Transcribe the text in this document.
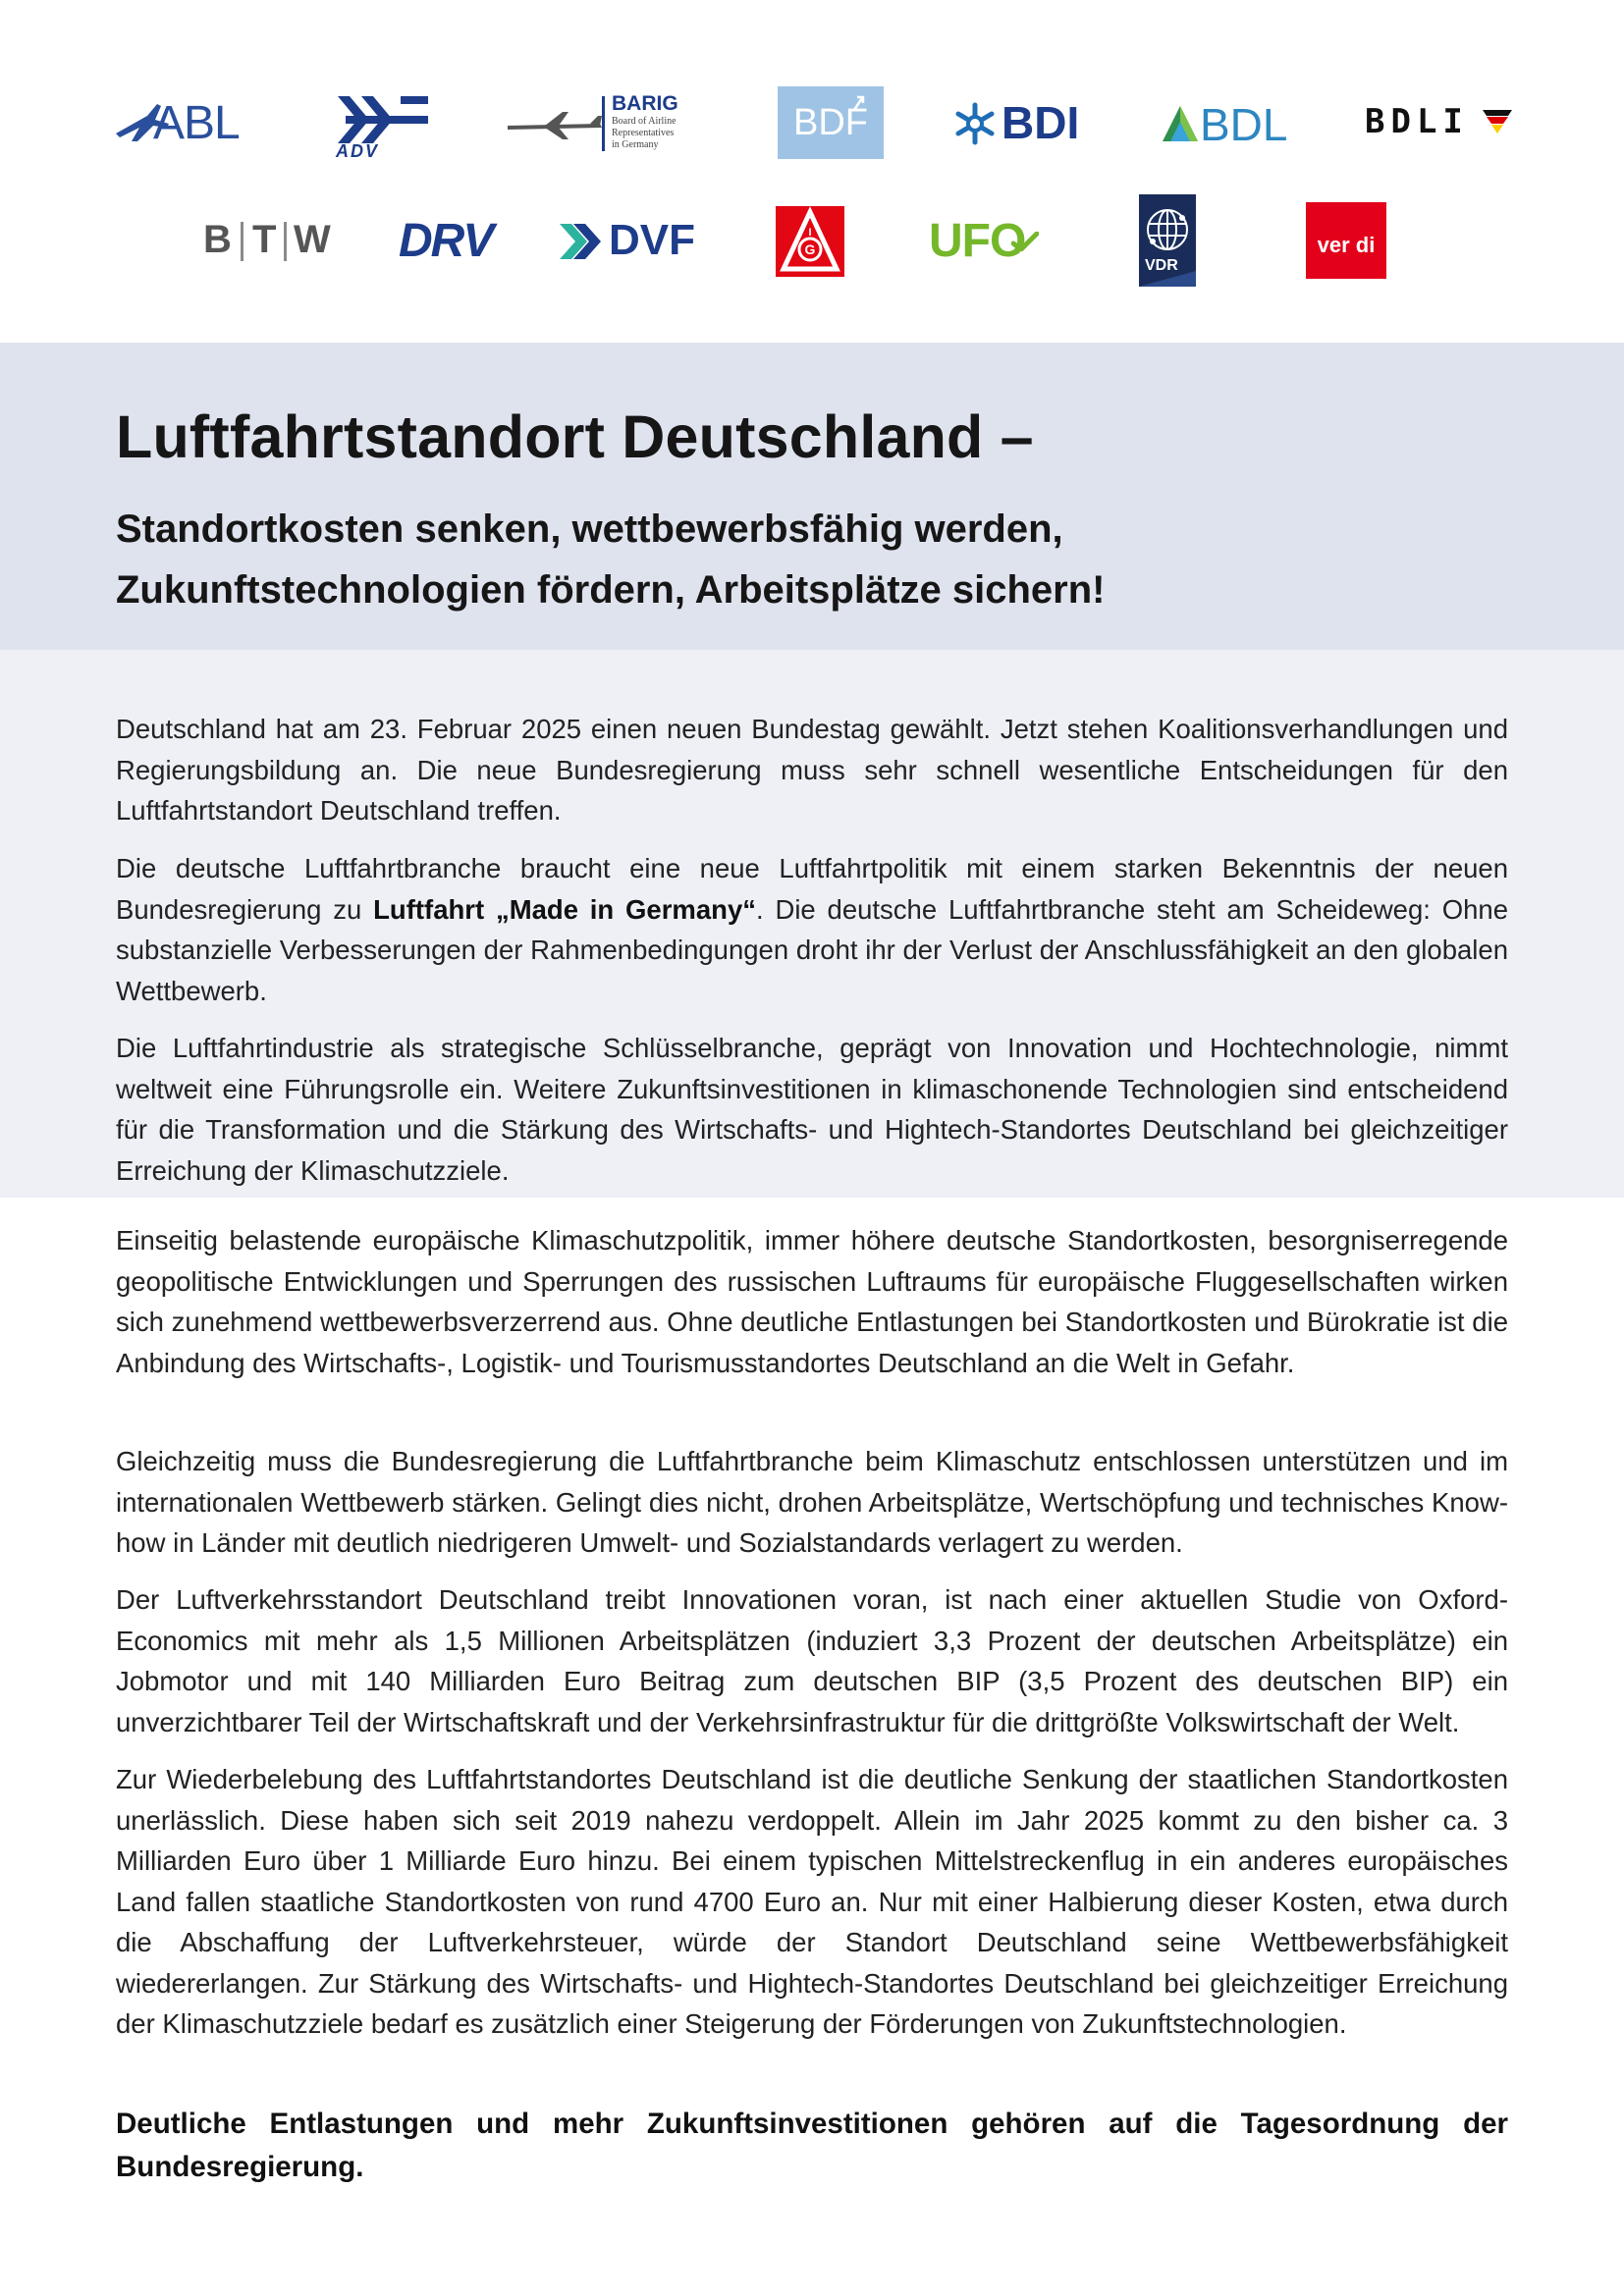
ABL
ADV
BARIG
Board of Airline
Representatives
in Germany
BDF	BDI	BDL BDLI
B T W DRV	DVF	G
I UFO	VDR
ver di
Luftfahrtstandort Deutschland –
Standortkosten senken, wettbewerbsfähig werden,
Zukunftstechnologien fördern, Arbeitsplätze sichern!

Deutschland hat am 23. Februar 2025 einen neuen Bundestag gewählt. Jetzt stehen Koalitionsverhandlungen und Regierungsbildung an. Die neue Bundesregierung muss sehr schnell wesentliche Entscheidungen für den Luftfahrtstandort Deutschland treffen.

Die deutsche Luftfahrtbranche braucht eine neue Luftfahrtpolitik mit einem starken Bekenntnis der neuen Bundesregierung zu Luftfahrt „Made in Germany“. Die deutsche Luftfahrtbranche steht am Scheideweg: Ohne substanzielle Verbesserungen der Rahmenbedingungen droht ihr der Verlust der Anschlussfähigkeit an den globalen Wettbewerb.

Die Luftfahrtindustrie als strategische Schlüsselbranche, geprägt von Innovation und Hochtechnologie, nimmt weltweit eine Führungsrolle ein. Weitere Zukunftsinvestitionen in klimaschonende Technologien sind entscheidend für die Transformation und die Stärkung des Wirtschafts- und Hightech-Standortes Deutschland bei gleichzeitiger Erreichung der Klimaschutzziele.

Einseitig belastende europäische Klimaschutzpolitik, immer höhere deutsche Standortkosten, besorgniserregende geopolitische Entwicklungen und Sperrungen des russischen Luftraums für europäische Fluggesellschaften wirken sich zunehmend wettbewerbsverzerrend aus. Ohne deutliche Entlastungen bei Standortkosten und Bürokratie ist die Anbindung des Wirtschafts-, Logistik- und Tourismusstandortes Deutschland an die Welt in Gefahr.

Gleichzeitig muss die Bundesregierung die Luftfahrtbranche beim Klimaschutz entschlossen unterstützen und im internationalen Wettbewerb stärken. Gelingt dies nicht, drohen Arbeitsplätze, Wertschöpfung und technisches Know-how in Länder mit deutlich niedrigeren Umwelt- und Sozialstandards verlagert zu werden.

Der Luftverkehrsstandort Deutschland treibt Innovationen voran, ist nach einer aktuellen Studie von Oxford-Economics mit mehr als 1,5 Millionen Arbeitsplätzen (induziert 3,3 Prozent der deutschen Arbeitsplätze) ein Jobmotor und mit 140 Milliarden Euro Beitrag zum deutschen BIP (3,5 Prozent des deutschen BIP) ein unverzichtbarer Teil der Wirtschaftskraft und der Verkehrsinfrastruktur für die drittgrößte Volkswirtschaft der Welt.

Zur Wiederbelebung des Luftfahrtstandortes Deutschland ist die deutliche Senkung der staatlichen Standortkosten unerlässlich. Diese haben sich seit 2019 nahezu verdoppelt. Allein im Jahr 2025 kommt zu den bisher ca. 3 Milliarden Euro über 1 Milliarde Euro hinzu. Bei einem typischen Mittelstreckenflug in ein anderes europäisches Land fallen staatliche Standortkosten von rund 4700 Euro an. Nur mit einer Halbierung dieser Kosten, etwa durch die Abschaffung der Luftverkehrsteuer, würde der Standort Deutschland seine Wettbewerbsfähigkeit wiedererlangen. Zur Stärkung des Wirtschafts- und Hightech-Standortes Deutschland bei gleichzeitiger Erreichung der Klimaschutzziele bedarf es zusätzlich einer Steigerung der Förderungen von Zukunftstechnologien.

Deutliche Entlastungen und mehr Zukunftsinvestitionen gehören auf die Tagesordnung der Bundesregierung.
